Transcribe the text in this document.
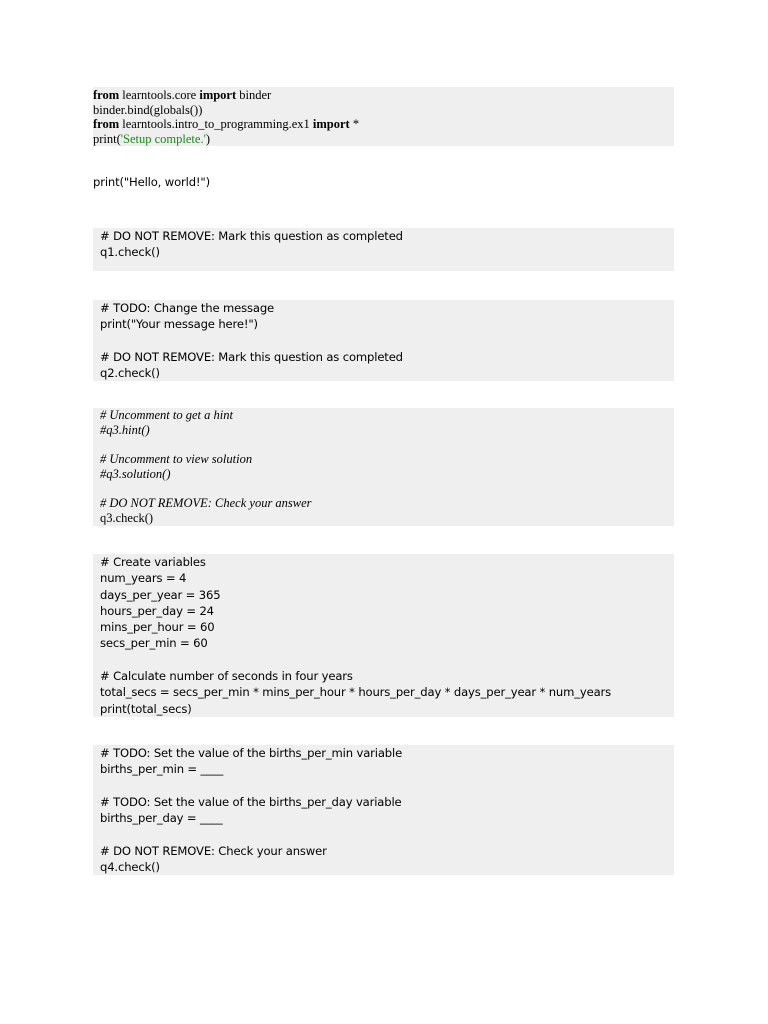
from learntools.core import binder
binder.bind(globals())
from learntools.intro_to_programming.ex1 import *
print('Setup complete.')
print("Hello, world!")
# DO NOT REMOVE: Mark this question as completed
q1.check()
# TODO: Change the message
print("Your message here!")

# DO NOT REMOVE: Mark this question as completed
q2.check()
# Uncomment to get a hint
#q3.hint()

# Uncomment to view solution
#q3.solution()

# DO NOT REMOVE: Check your answer
q3.check()
# Create variables
num_years = 4
days_per_year = 365
hours_per_day = 24
mins_per_hour = 60
secs_per_min = 60

# Calculate number of seconds in four years
total_secs = secs_per_min * mins_per_hour * hours_per_day * days_per_year * num_years
print(total_secs)
# TODO: Set the value of the births_per_min variable
births_per_min = ____

# TODO: Set the value of the births_per_day variable
births_per_day = ____

# DO NOT REMOVE: Check your answer
q4.check()
